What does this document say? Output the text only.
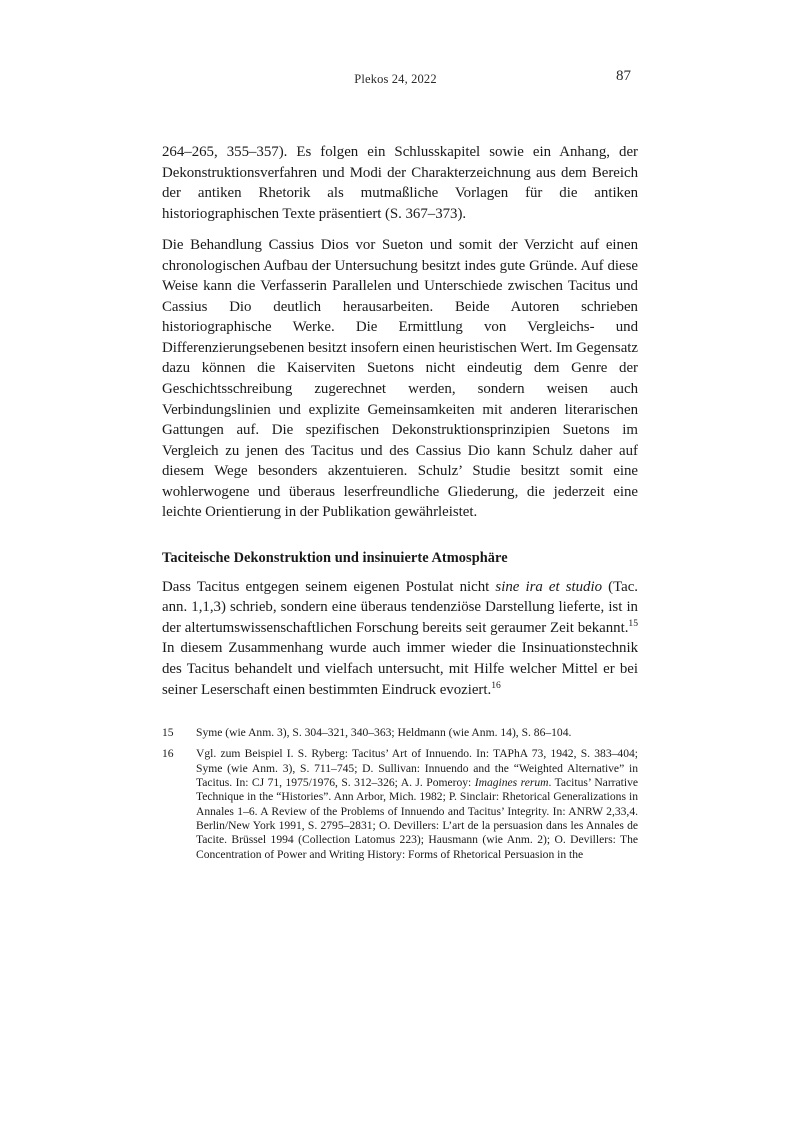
Plekos 24, 2022	87

264–265, 355–357). Es folgen ein Schlusskapitel sowie ein Anhang, der Dekonstruktionsverfahren und Modi der Charakterzeichnung aus dem Bereich der antiken Rhetorik als mutmaßliche Vorlagen für die antiken historiographischen Texte präsentiert (S. 367–373).

Die Behandlung Cassius Dios vor Sueton und somit der Verzicht auf einen chronologischen Aufbau der Untersuchung besitzt indes gute Gründe. Auf diese Weise kann die Verfasserin Parallelen und Unterschiede zwischen Tacitus und Cassius Dio deutlich herausarbeiten. Beide Autoren schrieben historiographische Werke. Die Ermittlung von Vergleichs- und Differenzierungsebenen besitzt insofern einen heuristischen Wert. Im Gegensatz dazu können die Kaiserviten Suetons nicht eindeutig dem Genre der Geschichtsschreibung zugerechnet werden, sondern weisen auch Verbindungslinien und explizite Gemeinsamkeiten mit anderen literarischen Gattungen auf. Die spezifischen Dekonstruktionsprinzipien Suetons im Vergleich zu jenen des Tacitus und des Cassius Dio kann Schulz daher auf diesem Wege besonders akzentuieren. Schulz’ Studie besitzt somit eine wohlerwogene und überaus leserfreundliche Gliederung, die jederzeit eine leichte Orientierung in der Publikation gewährleistet.

Taciteische Dekonstruktion und insinuierte Atmosphäre

Dass Tacitus entgegen seinem eigenen Postulat nicht sine ira et studio (Tac. ann. 1,1,3) schrieb, sondern eine überaus tendenziöse Darstellung lieferte, ist in der altertumswissenschaftlichen Forschung bereits seit geraumer Zeit bekannt.$^{15}$ In diesem Zusammenhang wurde auch immer wieder die Insinuationstechnik des Tacitus behandelt und vielfach untersucht, mit Hilfe welcher Mittel er bei seiner Leserschaft einen bestimmten Eindruck evoziert.$^{16}$

15	Syme (wie Anm. 3), S. 304–321, 340–363; Heldmann (wie Anm. 14), S. 86–104.
16	Vgl. zum Beispiel I. S. Ryberg: Tacitus’ Art of Innuendo. In: TAPhA 73, 1942, S. 383–404; Syme (wie Anm. 3), S. 711–745; D. Sullivan: Innuendo and the “Weighted Alternative” in Tacitus. In: CJ 71, 1975/1976, S. 312–326; A. J. Pomeroy: Imagines rerum. Tacitus’ Narrative Technique in the “Histories”. Ann Arbor, Mich. 1982; P. Sinclair: Rhetorical Generalizations in Annales 1–6. A Review of the Problems of Innuendo and Tacitus’ Integrity. In: ANRW 2,33,4. Berlin/New York 1991, S. 2795–2831; O. Devillers: L’art de la persuasion dans les Annales de Tacite. Brüssel 1994 (Collection Latomus 223); Hausmann (wie Anm. 2); O. Devillers: The Concentration of Power and Writing History: Forms of Rhetorical Persuasion in the
